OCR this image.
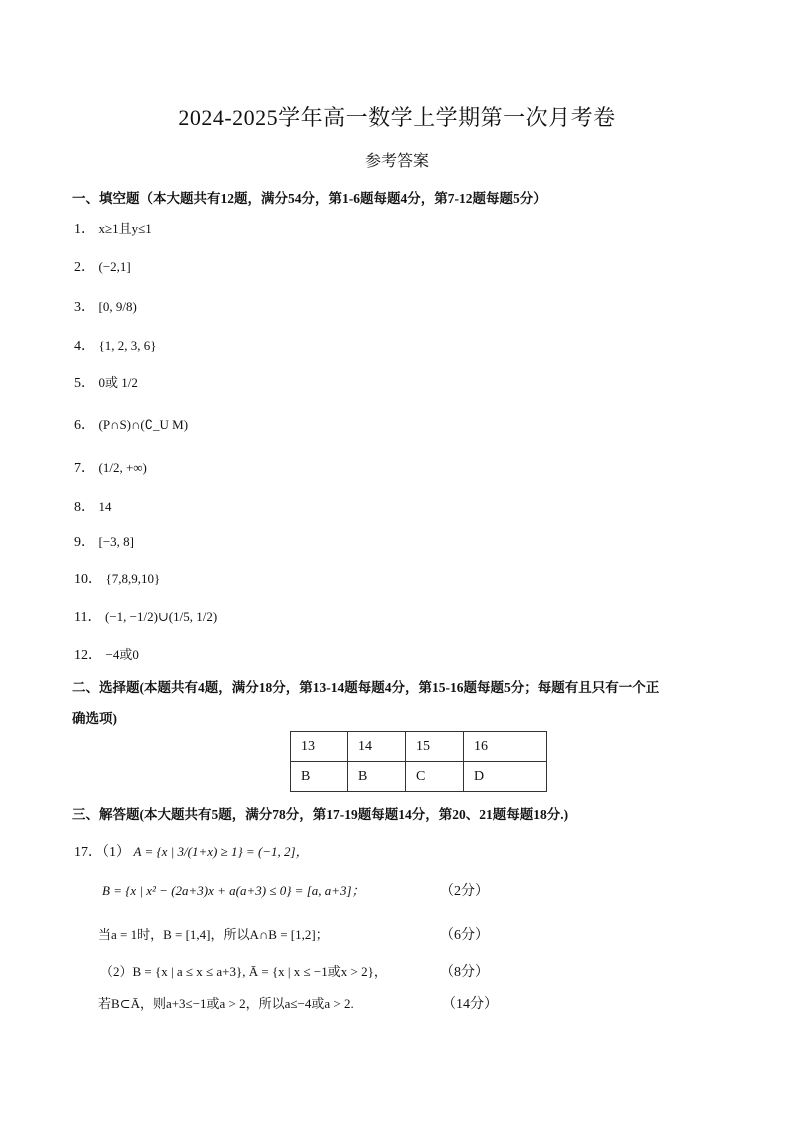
2024-2025学年高一数学上学期第一次月考卷
参考答案
一、填空题（本大题共有12题，满分54分，第1-6题每题4分，第7-12题每题5分）
1． x≥1且y≤1
2． (−2,1]
3． [0, 9/8)
4． {1, 2, 3, 6}
5． 0或 1/2
6． (P∩S)∩(∁_U M)
7． (1/2, +∞)
8． 14
9． [−3, 8]
10． {7,8,9,10}
11． (−1, −1/2)∪(1/5, 1/2)
12． −4或0
二、选择题(本题共有4题，满分18分，第13-14题每题4分，第15-16题每题5分；每题有且只有一个正
确选项)
13	14	15	16
B	B	C	D
三、解答题(本大题共有5题，满分78分，第17-19题每题14分，第20、21题每题18分.)
17．（1） A = {x | 3/(1+x) ≥ 1} = (−1, 2]，
B = {x | x² − (2a+3)x + a(a+3) ≤ 0} = [a, a+3]；	（2分）
当a = 1时，B = [1,4]，所以A∩B = [1,2]；	（6分）
（2）B = {x | a ≤ x ≤ a+3}, Ā = {x | x ≤ −1或x > 2}，	（8分）
若B⊂Ā，则a+3≤−1或a > 2，所以a≤−4或a > 2.	（14分）
